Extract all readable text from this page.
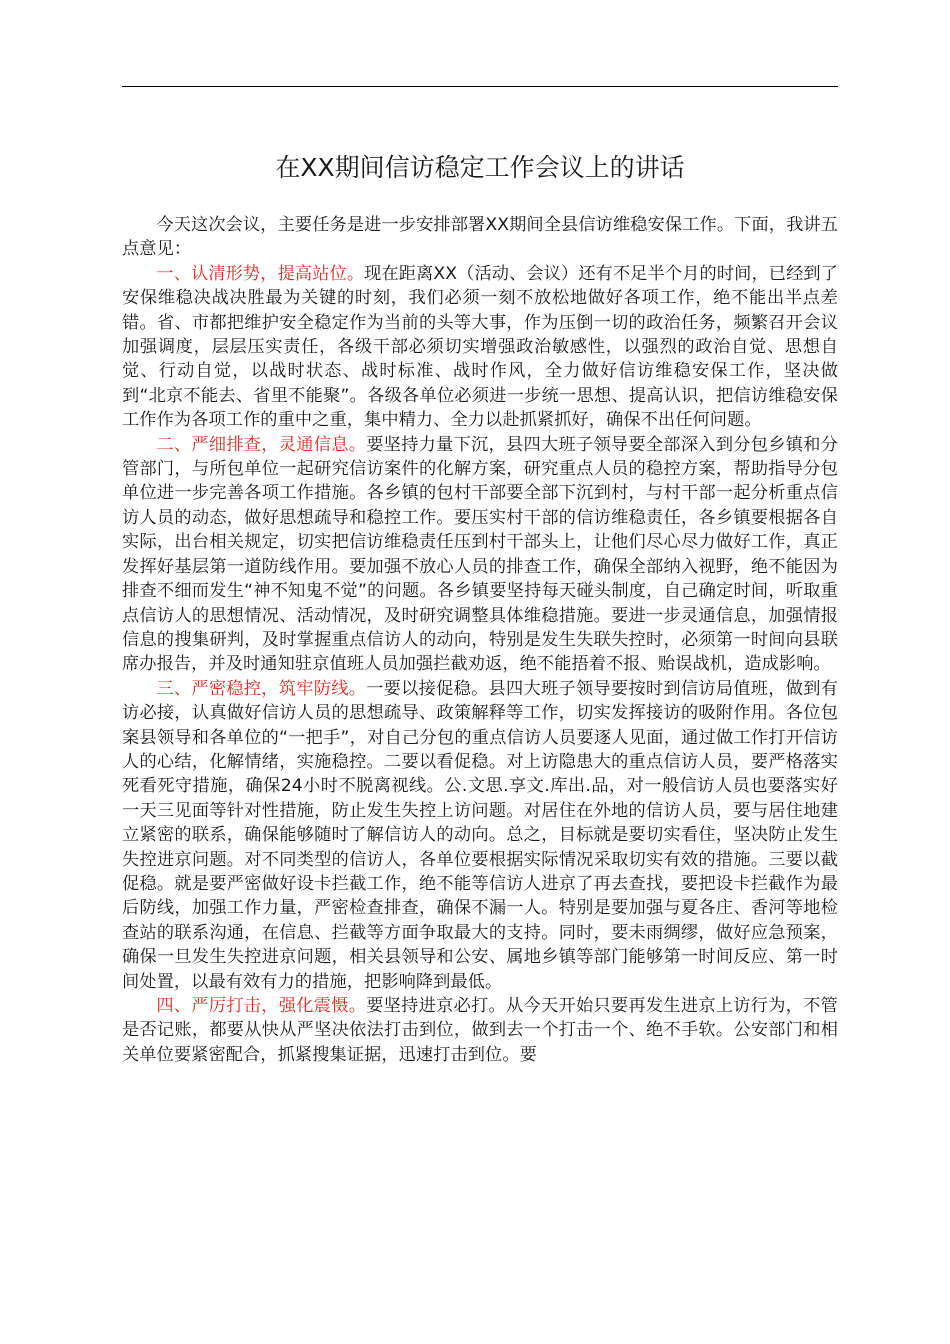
在XX期间信访稳定工作会议上的讲话

今天这次会议，主要任务是进一步安排部署XX期间全县信访维稳安保工作。下面，我讲五点意见：

一、认清形势，提高站位。现在距离XX（活动、会议）还有不足半个月的时间，已经到了安保维稳决战决胜最为关键的时刻，我们必须一刻不放松地做好各项工作，绝不能出半点差错。省、市都把维护安全稳定作为当前的头等大事，作为压倒一切的政治任务，频繁召开会议加强调度，层层压实责任，各级干部必须切实增强政治敏感性，以强烈的政治自觉、思想自觉、行动自觉，以战时状态、战时标准、战时作风，全力做好信访维稳安保工作，坚决做到“北京不能去、省里不能聚”。各级各单位必须进一步统一思想、提高认识，把信访维稳安保工作作为各项工作的重中之重，集中精力、全力以赴抓紧抓好，确保不出任何问题。

二、严细排查，灵通信息。要坚持力量下沉，县四大班子领导要全部深入到分包乡镇和分管部门，与所包单位一起研究信访案件的化解方案，研究重点人员的稳控方案，帮助指导分包单位进一步完善各项工作措施。各乡镇的包村干部要全部下沉到村，与村干部一起分析重点信访人员的动态，做好思想疏导和稳控工作。要压实村干部的信访维稳责任，各乡镇要根据各自实际，出台相关规定，切实把信访维稳责任压到村干部头上，让他们尽心尽力做好工作，真正发挥好基层第一道防线作用。要加强不放心人员的排查工作，确保全部纳入视野，绝不能因为排查不细而发生“神不知鬼不觉”的问题。各乡镇要坚持每天碰头制度，自己确定时间，听取重点信访人的思想情况、活动情况，及时研究调整具体维稳措施。要进一步灵通信息，加强情报信息的搜集研判，及时掌握重点信访人的动向，特别是发生失联失控时，必须第一时间向县联席办报告，并及时通知驻京值班人员加强拦截劝返，绝不能捂着不报、贻误战机，造成影响。

三、严密稳控，筑牢防线。一要以接促稳。县四大班子领导要按时到信访局值班，做到有访必接，认真做好信访人员的思想疏导、政策解释等工作，切实发挥接访的吸附作用。各位包案县领导和各单位的“一把手”，对自己分包的重点信访人员要逐人见面，通过做工作打开信访人的心结，化解情绪，实施稳控。二要以看促稳。对上访隐患大的重点信访人员，要严格落实死看死守措施，确保24小时不脱离视线。公.文思.享文.库出.品，对一般信访人员也要落实好一天三见面等针对性措施，防止发生失控上访问题。对居住在外地的信访人员，要与居住地建立紧密的联系，确保能够随时了解信访人的动向。总之，目标就是要切实看住，坚决防止发生失控进京问题。对不同类型的信访人，各单位要根据实际情况采取切实有效的措施。三要以截促稳。就是要严密做好设卡拦截工作，绝不能等信访人进京了再去查找，要把设卡拦截作为最后防线，加强工作力量，严密检查排查，确保不漏一人。特别是要加强与夏各庄、香河等地检查站的联系沟通，在信息、拦截等方面争取最大的支持。同时，要未雨绸缪，做好应急预案，确保一旦发生失控进京问题，相关县领导和公安、属地乡镇等部门能够第一时间反应、第一时间处置，以最有效有力的措施，把影响降到最低。

四、严厉打击，强化震慑。要坚持进京必打。从今天开始只要再发生进京上访行为，不管是否记账，都要从快从严坚决依法打击到位，做到去一个打击一个、绝不手软。公安部门和相关单位要紧密配合，抓紧搜集证据，迅速打击到位。要
